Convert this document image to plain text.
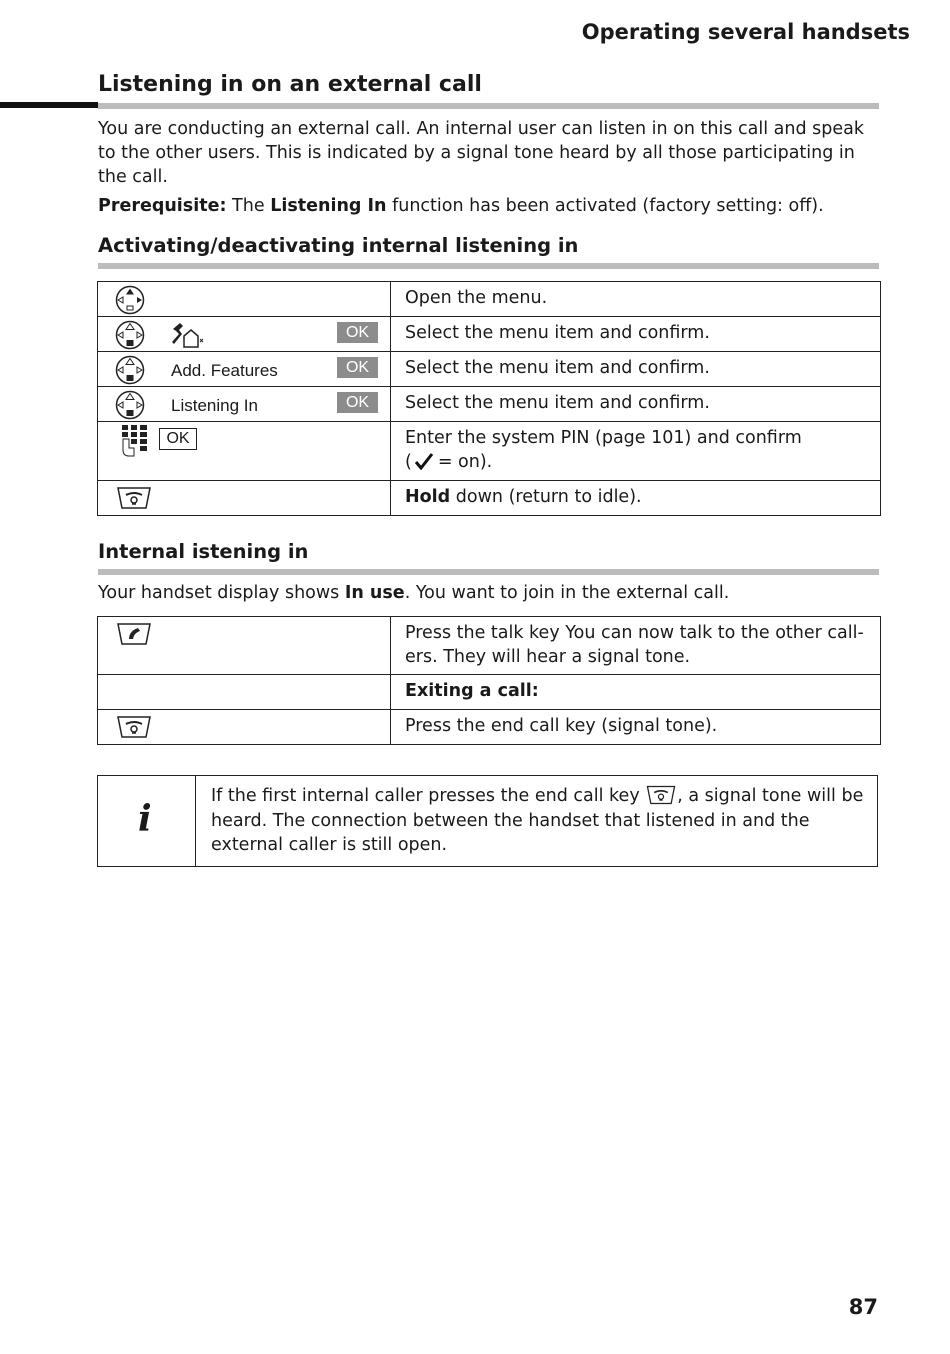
Operating several handsets
Listening in on an external call
You are conducting an external call. An internal user can listen in on this call and speak to the other users. This is indicated by a signal tone heard by all those participating in the call.
Prerequisite: The Listening In function has been activated (factory setting: off).
Activating/deactivating internal listening in
	Open the menu.

OK	Select the menu item and confirm.

Add. Features OK	Select the menu item and confirm.

Listening In OK	Select the menu item and confirm.

OK	Enter the system PIN (page 101) and confirm
( = on).

	Hold down (return to idle).
Internal istening in
Your handset display shows In use. You want to join in the external call.
	Press the talk key You can now talk to the other call- ers. They will hear a signal tone.
	Exiting a call:

	Press the end call key (signal tone).
i
If the first internal caller presses the end call key , a signal tone will be heard. The connection between the handset that listened in and the external caller is still open.
87
